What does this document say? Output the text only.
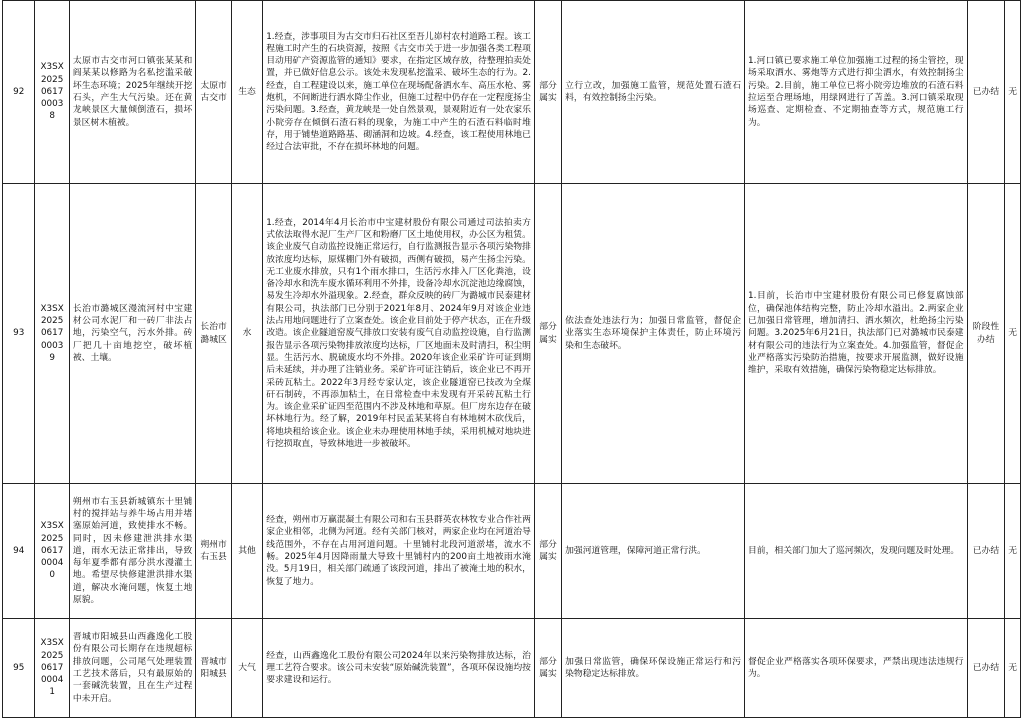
92	X3SX2025061700038	太原市古交市河口镇张某某和阎某某以修路为名私挖滥采破坏生态环境；2025年继续开挖石头，产生大气污染。还在黄龙峡景区大量倾倒渣石，损坏景区树木植被。	太原市古交市	生态	1.经查，涉事项目为古交市归石社区至吾儿峁村农村道路工程。该工程施工时产生的石块资源，按照《古交市关于进一步加强各类工程项目动用矿产资源监管的通知》要求，在指定区域存放，待整理拍卖处置，并已做好信息公示。该处未发现私挖滥采、破坏生态的行为。2.经查，自工程建设以来，施工单位在现场配备洒水车、高压水枪、雾炮机，不间断进行洒水降尘作业，但施工过程中仍存在一定程度扬尘污染问题。3.经查，黄龙峡是一处自然景观，景观附近有一处农家乐小院旁存在倾倒石渣石料的现象，为施工中产生的石渣石料临时堆存，用于铺垫道路路基、砌涵洞和边坡。4.经查，该工程使用林地已经过合法审批，不存在损坏林地的问题。	部分属实	立行立改，加强施工监管，规范处置石渣石料，有效控制扬尘污染。	1.河口镇已要求施工单位加强施工过程的扬尘管控，现场采取洒水、雾炮等方式进行抑尘洒水，有效控制扬尘污染。2.目前，施工单位已将小院旁边堆放的石渣石料拉运至合理场地，用绿网进行了苫盖。3.河口镇采取现场巡查、定期检查、不定期抽查等方式，规范施工行为。	已办结	无
93	X3SX2025061700039	长治市潞城区漫流河村中宝建材公司水泥厂和一砖厂非法占地，污染空气，污水外排。砖厂把几十亩地挖空，破坏植被、土壤。	长治市潞城区	水	1.经查，2014年4月长治市中宝建材股份有限公司通过司法拍卖方式依法取得水泥厂生产厂区和粉磨厂区土地使用权，办公区为租赁。该企业废气自动监控设施正常运行，自行监测报告显示各项污染物排放浓度均达标，原煤棚门外有破损，西侧有破损，易产生扬尘污染。无工业废水排放，只有1个雨水排口，生活污水排入厂区化粪池，设备冷却水和洗车废水循环利用不外排，设备冷却水沉淀池边缘腐蚀，易发生冷却水外溢现象。2.经查，群众反映的砖厂为潞城市民泰建材有限公司，执法部门已分别于2021年8月、2024年9月对该企业违法占用地问题进行了立案查处。该企业目前处于停产状态，正在升级改造。该企业隧道窑废气排放口安装有废气自动监控设施，自行监测报告显示各项污染物排放浓度均达标，厂区地面未及时清扫，积尘明显。生活污水、脱硫废水均不外排。2020年该企业采矿许可证到期后未延续，并办理了注销业务。采矿许可证注销后，该企业已不再开采砖瓦粘土。2022年3月经专家认定，该企业隧道窑已技改为全煤矸石制砖，不再添加粘土，在日常检查中未发现有开采砖瓦粘土行为。该企业采矿证四至范围内不涉及林地和草原。但厂房东边存在破坏林地行为。经了解，2019年村民孟某某将自有林地树木砍伐后，将地块租给该企业。该企业未办理使用林地手续，采用机械对地块进行挖损取直，导致林地进一步被破坏。	部分属实	依法查处违法行为；加强日常监管，督促企业落实生态环境保护主体责任，防止环境污染和生态破坏。	1.目前，长治市中宝建材股份有限公司已修复腐蚀部位，确保池体结构完整，防止冷却水溢出。2.两家企业已加强日常管理，增加清扫、洒水频次，杜绝扬尘污染问题。3.2025年6月21日，执法部门已对潞城市民泰建材有限公司的违法行为立案查处。4.加强监管，督促企业严格落实污染防治措施，按要求开展监测，做好设施维护，采取有效措施，确保污染物稳定达标排放。	阶段性办结	无
94	X3SX2025061700040	朔州市右玉县新城镇东十里铺村的搅拌站与养牛场占用并堵塞原始河道，致使排水不畅。同时，因未修建泄洪排水渠道，雨水无法正常排出，导致每年夏季都有部分洪水漫灌土地。希望尽快修建泄洪排水渠道，解决水淹问题，恢复土地原貌。	朔州市右玉县	其他	经查，朔州市万赢混凝土有限公司和右玉县群英农林牧专业合作社两家企业相邻，北侧为河道。经有关部门核对，两家企业均在河道治导线范围外，不存在占用河道问题。十里铺村北段河道淤堵，流水不畅。2025年4月因降雨量大导致十里铺村内的200亩土地被雨水淹没。5月19日，相关部门疏通了该段河道，排出了被淹土地的积水，恢复了地力。	部分属实	加强河道管理，保障河道正常行洪。	目前，相关部门加大了巡河频次，发现问题及时处理。	已办结	无
95	X3SX2025061700041	晋城市阳城县山西鑫逸化工股份有限公司长期存在违规超标排放问题，公司尾气处理装置工艺技术落后，只有最原始的一套碱洗装置，且在生产过程中未开启。	晋城市阳城县	大气	经查，山西鑫逸化工股份有限公司2024年以来污染物排放达标，治理工艺符合要求。该公司未安装“原始碱洗装置”，各项环保设施均按要求建设和运行。	部分属实	加强日常监管，确保环保设施正常运行和污染物稳定达标排放。	督促企业严格落实各项环保要求，严禁出现违法违规行为。	已办结	无
